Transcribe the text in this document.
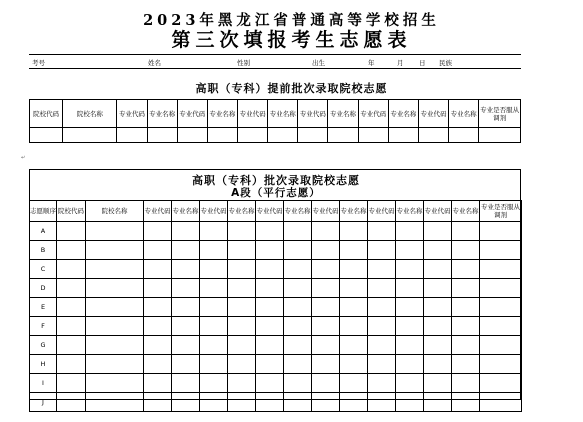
2023年黑龙江省普通高等学校招生
第三次填报考生志愿表
考号	姓名	性别	出生	年	月 日 民族
高职（专科）提前批次录取院校志愿
院校代码	院校名称	专业代码	专业名称	专业代码	专业名称	专业代码	专业名称	专业代码	专业名称	专业代码	专业名称	专业代码	专业名称	专业是否服从调剂

↵
高职（专科）批次录取院校志愿
A段（平行志愿）
志愿顺序	院校代码	院校名称	专业代码	专业名称	专业代码	专业名称	专业代码	专业名称	专业代码	专业名称	专业代码	专业名称	专业代码	专业名称	专业是否服从调剂
A															
B															
C															
D															
E															
F															
G															
H															
I															
J															
